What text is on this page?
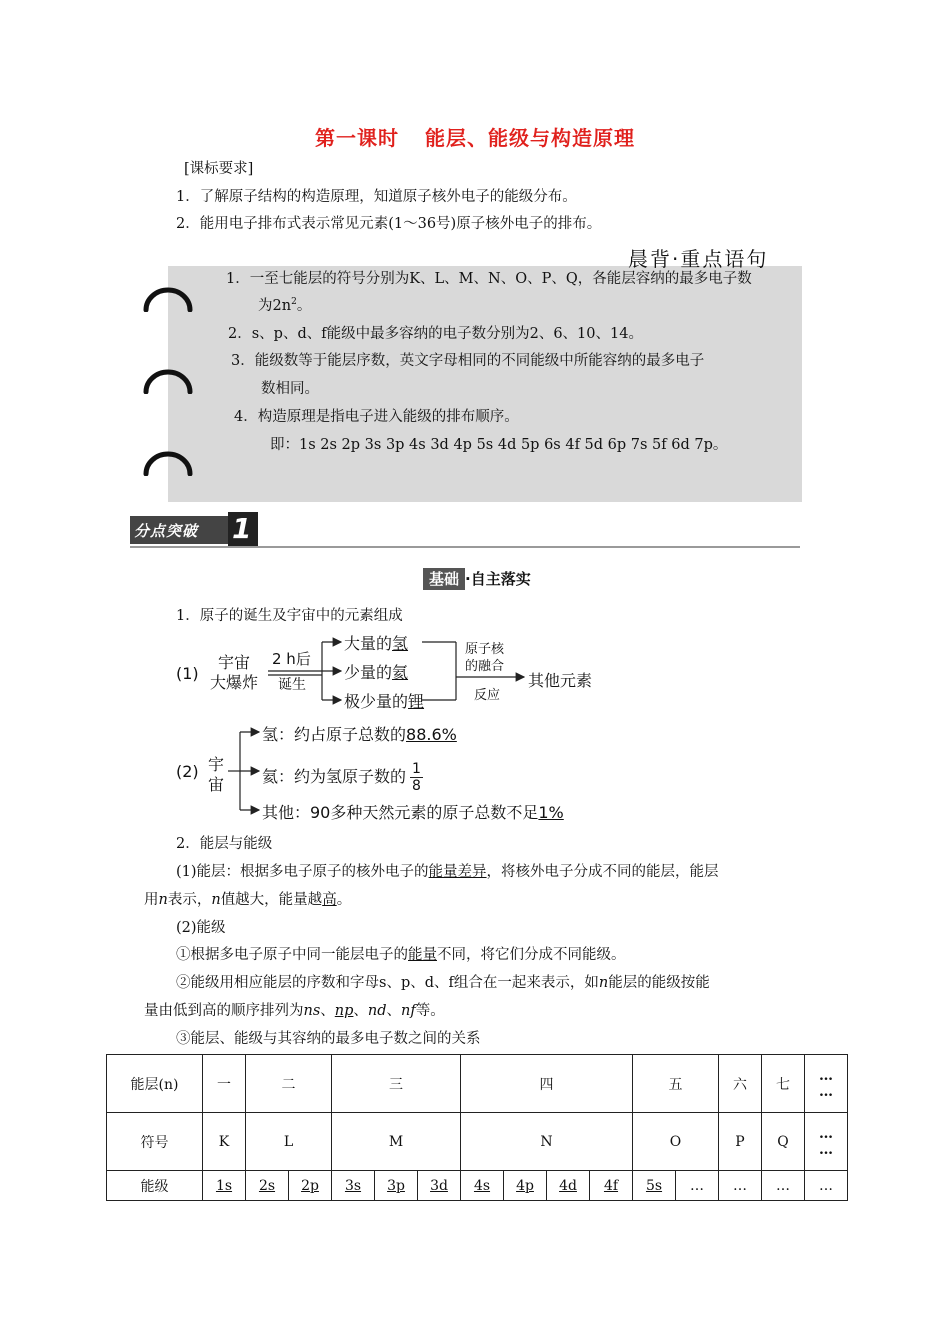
第一课时 能层、能级与构造原理
[课标要求]
1．了解原子结构的构造原理，知道原子核外电子的能级分布。
2．能用电子排布式表示常见元素(1～36号)原子核外电子的排布。
晨背·重点语句
1．一至七能层的符号分别为K、L、M、N、O、P、Q，各能层容纳的最多电子数
为$2n^2$。
2．s、p、d、f能级中最多容纳的电子数分别为2、6、10、14。
3．能级数等于能层序数，英文字母相同的不同能级中所能容纳的最多电子
数相同。
4．构造原理是指电子进入能级的排布顺序。
即：1s 2s 2p 3s 3p 4s 3d 4p 5s 4d 5p 6s 4f 5d 6p 7s 5f 6d 7p。
分点突破 1
基础 ·自主落实
1．原子的诞生及宇宙中的元素组成
(1)
宇宙
大爆炸
2 h后
诞生
大量的氢
少量的氦
极少量的锂
原子核
的融合
反应
其他元素
(2) 宇
宙
氢：约占原子总数的88.6%
氦：约为氢原子数的 $\frac{1}{8}$
其他：90多种天然元素的原子总数不足1%
2．能层与能级
(1)能层：根据多电子原子的核外电子的能量差异，将核外电子分成不同的能层，能层
用n表示，n值越大，能量越高。
(2)能级
①根据多电子原子中同一能层电子的能量不同，将它们分成不同能级。
②能级用相应能层的序数和字母s、p、d、f组合在一起来表示，如n能层的能级按能
量由低到高的顺序排列为ns、np、nd、nf等。
③能层、能级与其容纳的最多电子数之间的关系
能层(n)	一	二		三			四				五		六	七	…
…

符号	K	L		M			N				O		P	Q	…
…

能级	1s	2s	2p	3s	3p	3d	4s	4p	4d	4f	5s	…	…	…	…
